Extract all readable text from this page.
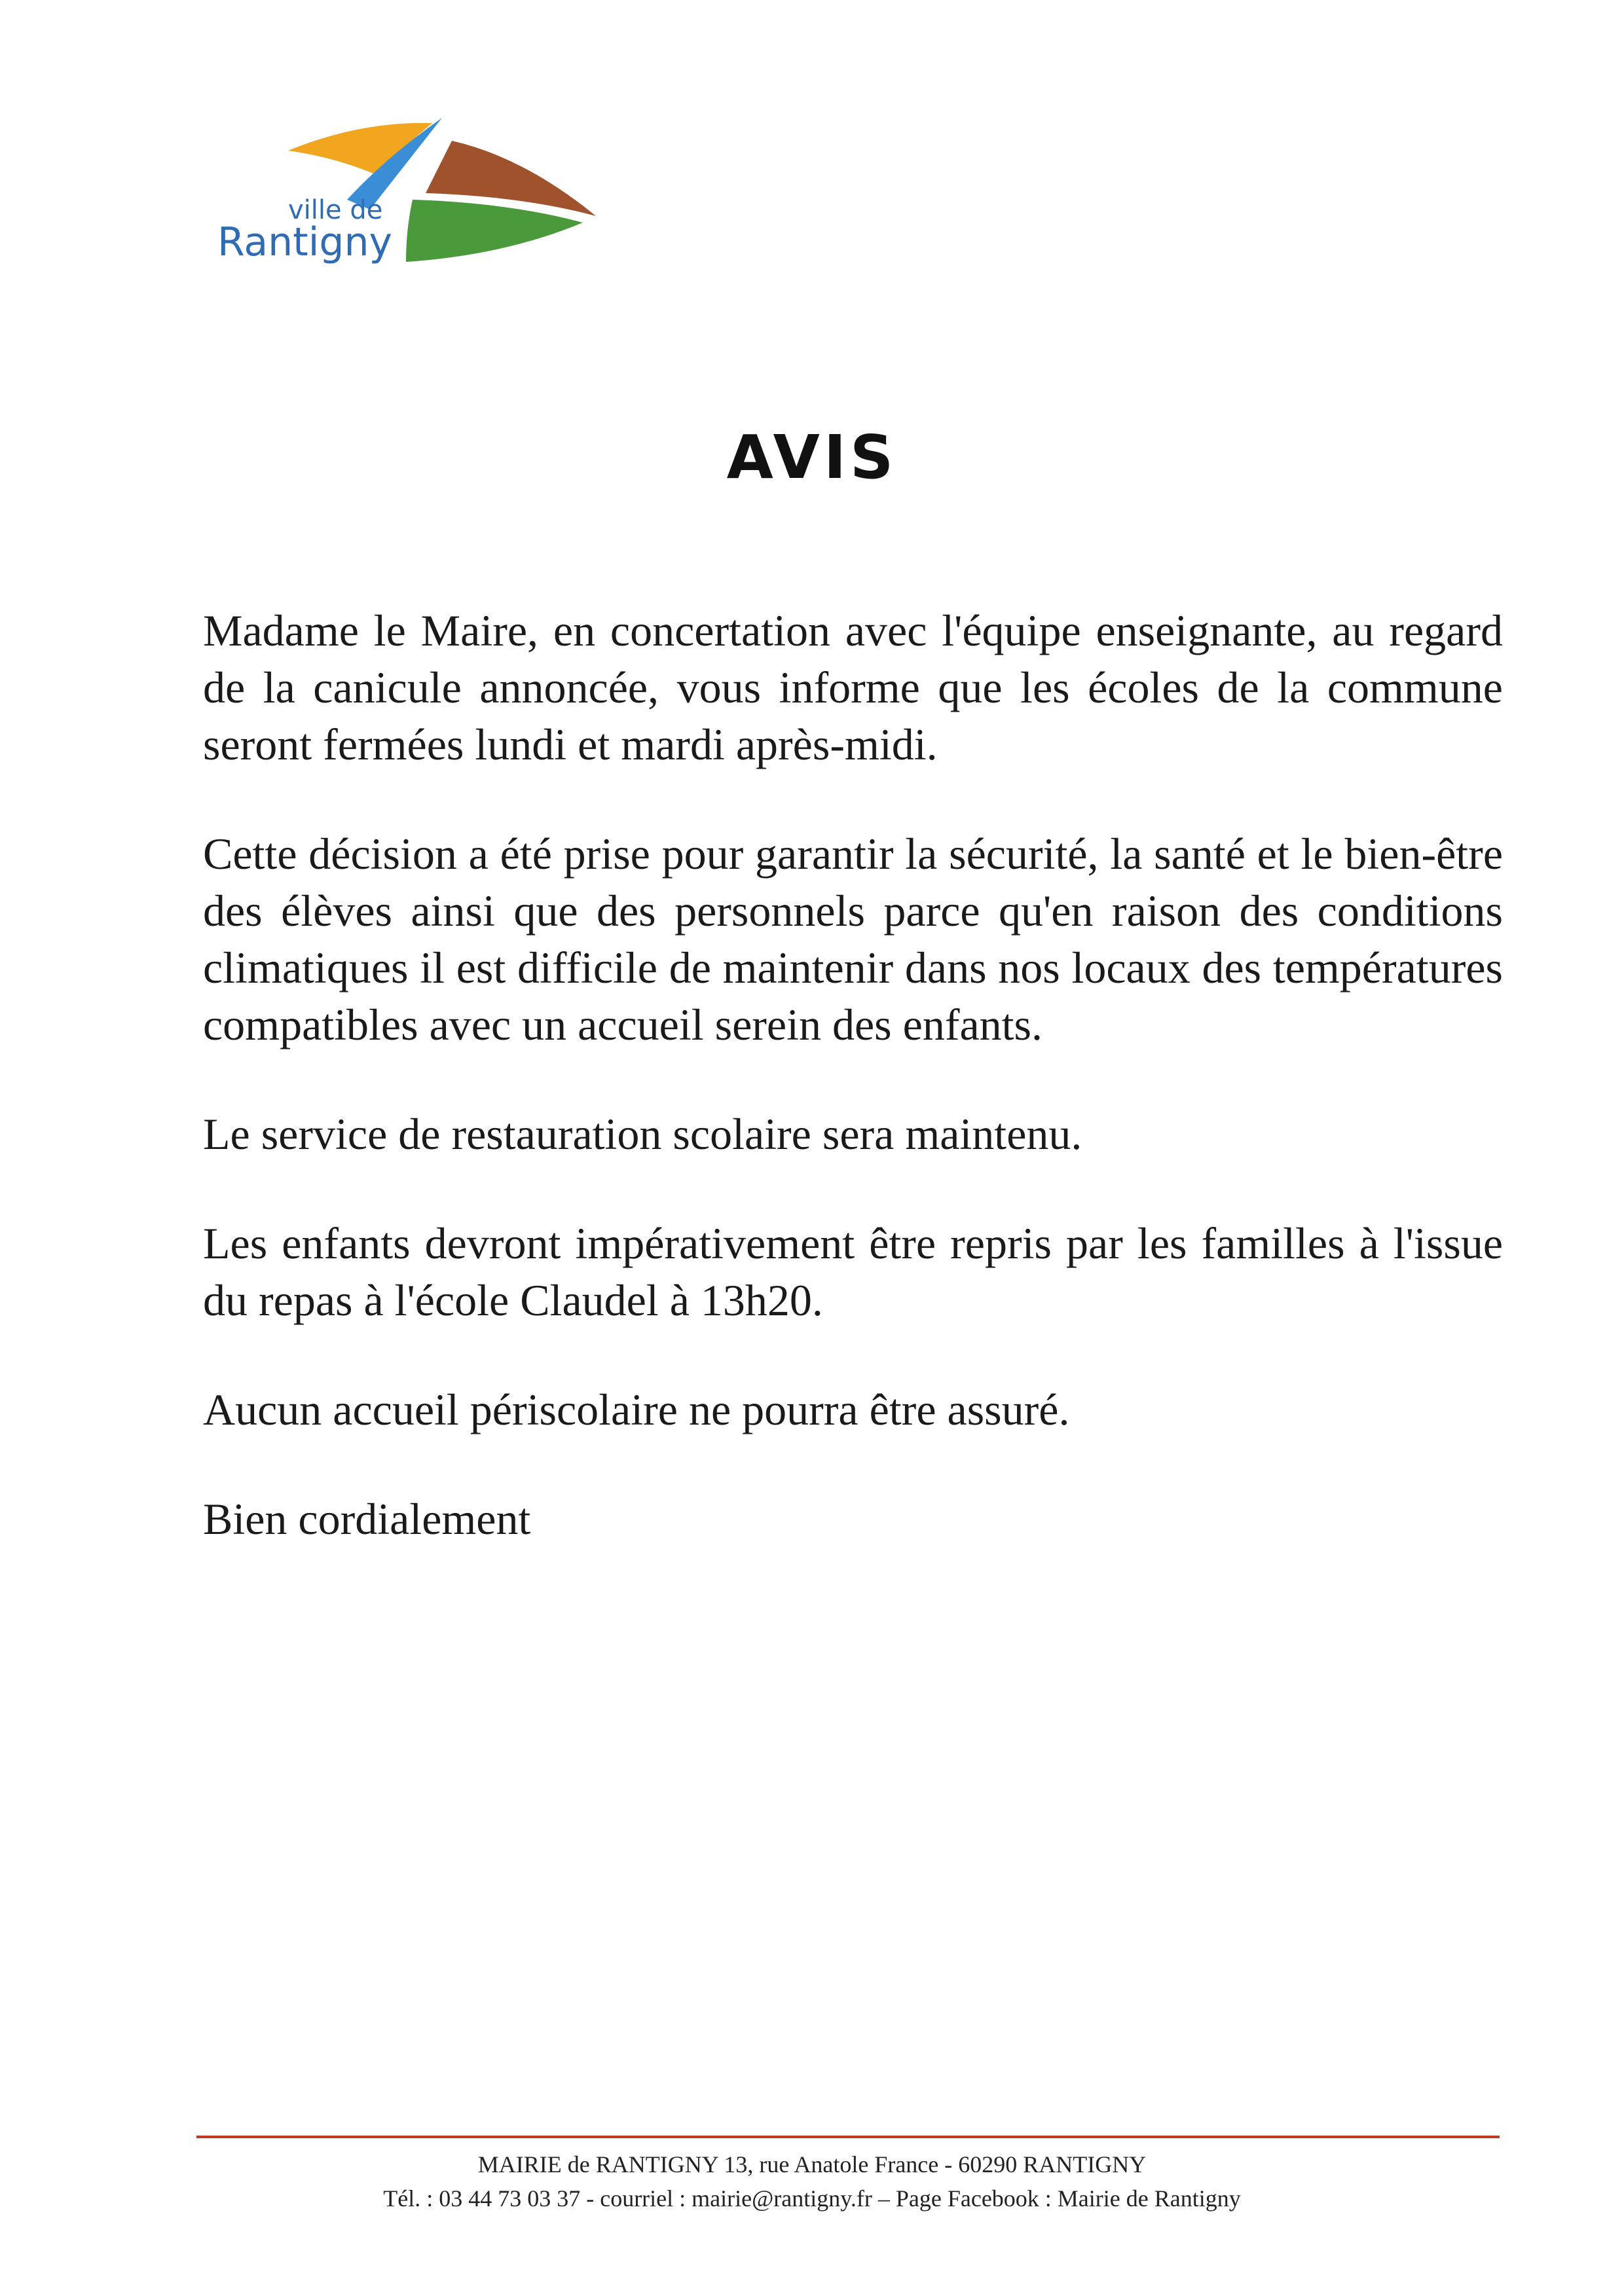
ville de
Rantigny
AVIS

Madame le Maire, en concertation avec l'équipe enseignante, au regard de la canicule annoncée, vous informe que les écoles de la commune seront fermées lundi et mardi après-midi.

Cette décision a été prise pour garantir la sécurité, la santé et le bien-être des élèves ainsi que des personnels parce qu'en raison des conditions climatiques il est difficile de maintenir dans nos locaux des températures compatibles avec un accueil serein des enfants.

Le service de restauration scolaire sera maintenu.

Les enfants devront impérativement être repris par les familles à l'issue du repas à l'école Claudel à 13h20.

Aucun accueil périscolaire ne pourra être assuré.

Bien cordialement

MAIRIE de RANTIGNY 13, rue Anatole France - 60290 RANTIGNY
Tél. : 03 44 73 03 37 - courriel : mairie@rantigny.fr – Page Facebook : Mairie de Rantigny
